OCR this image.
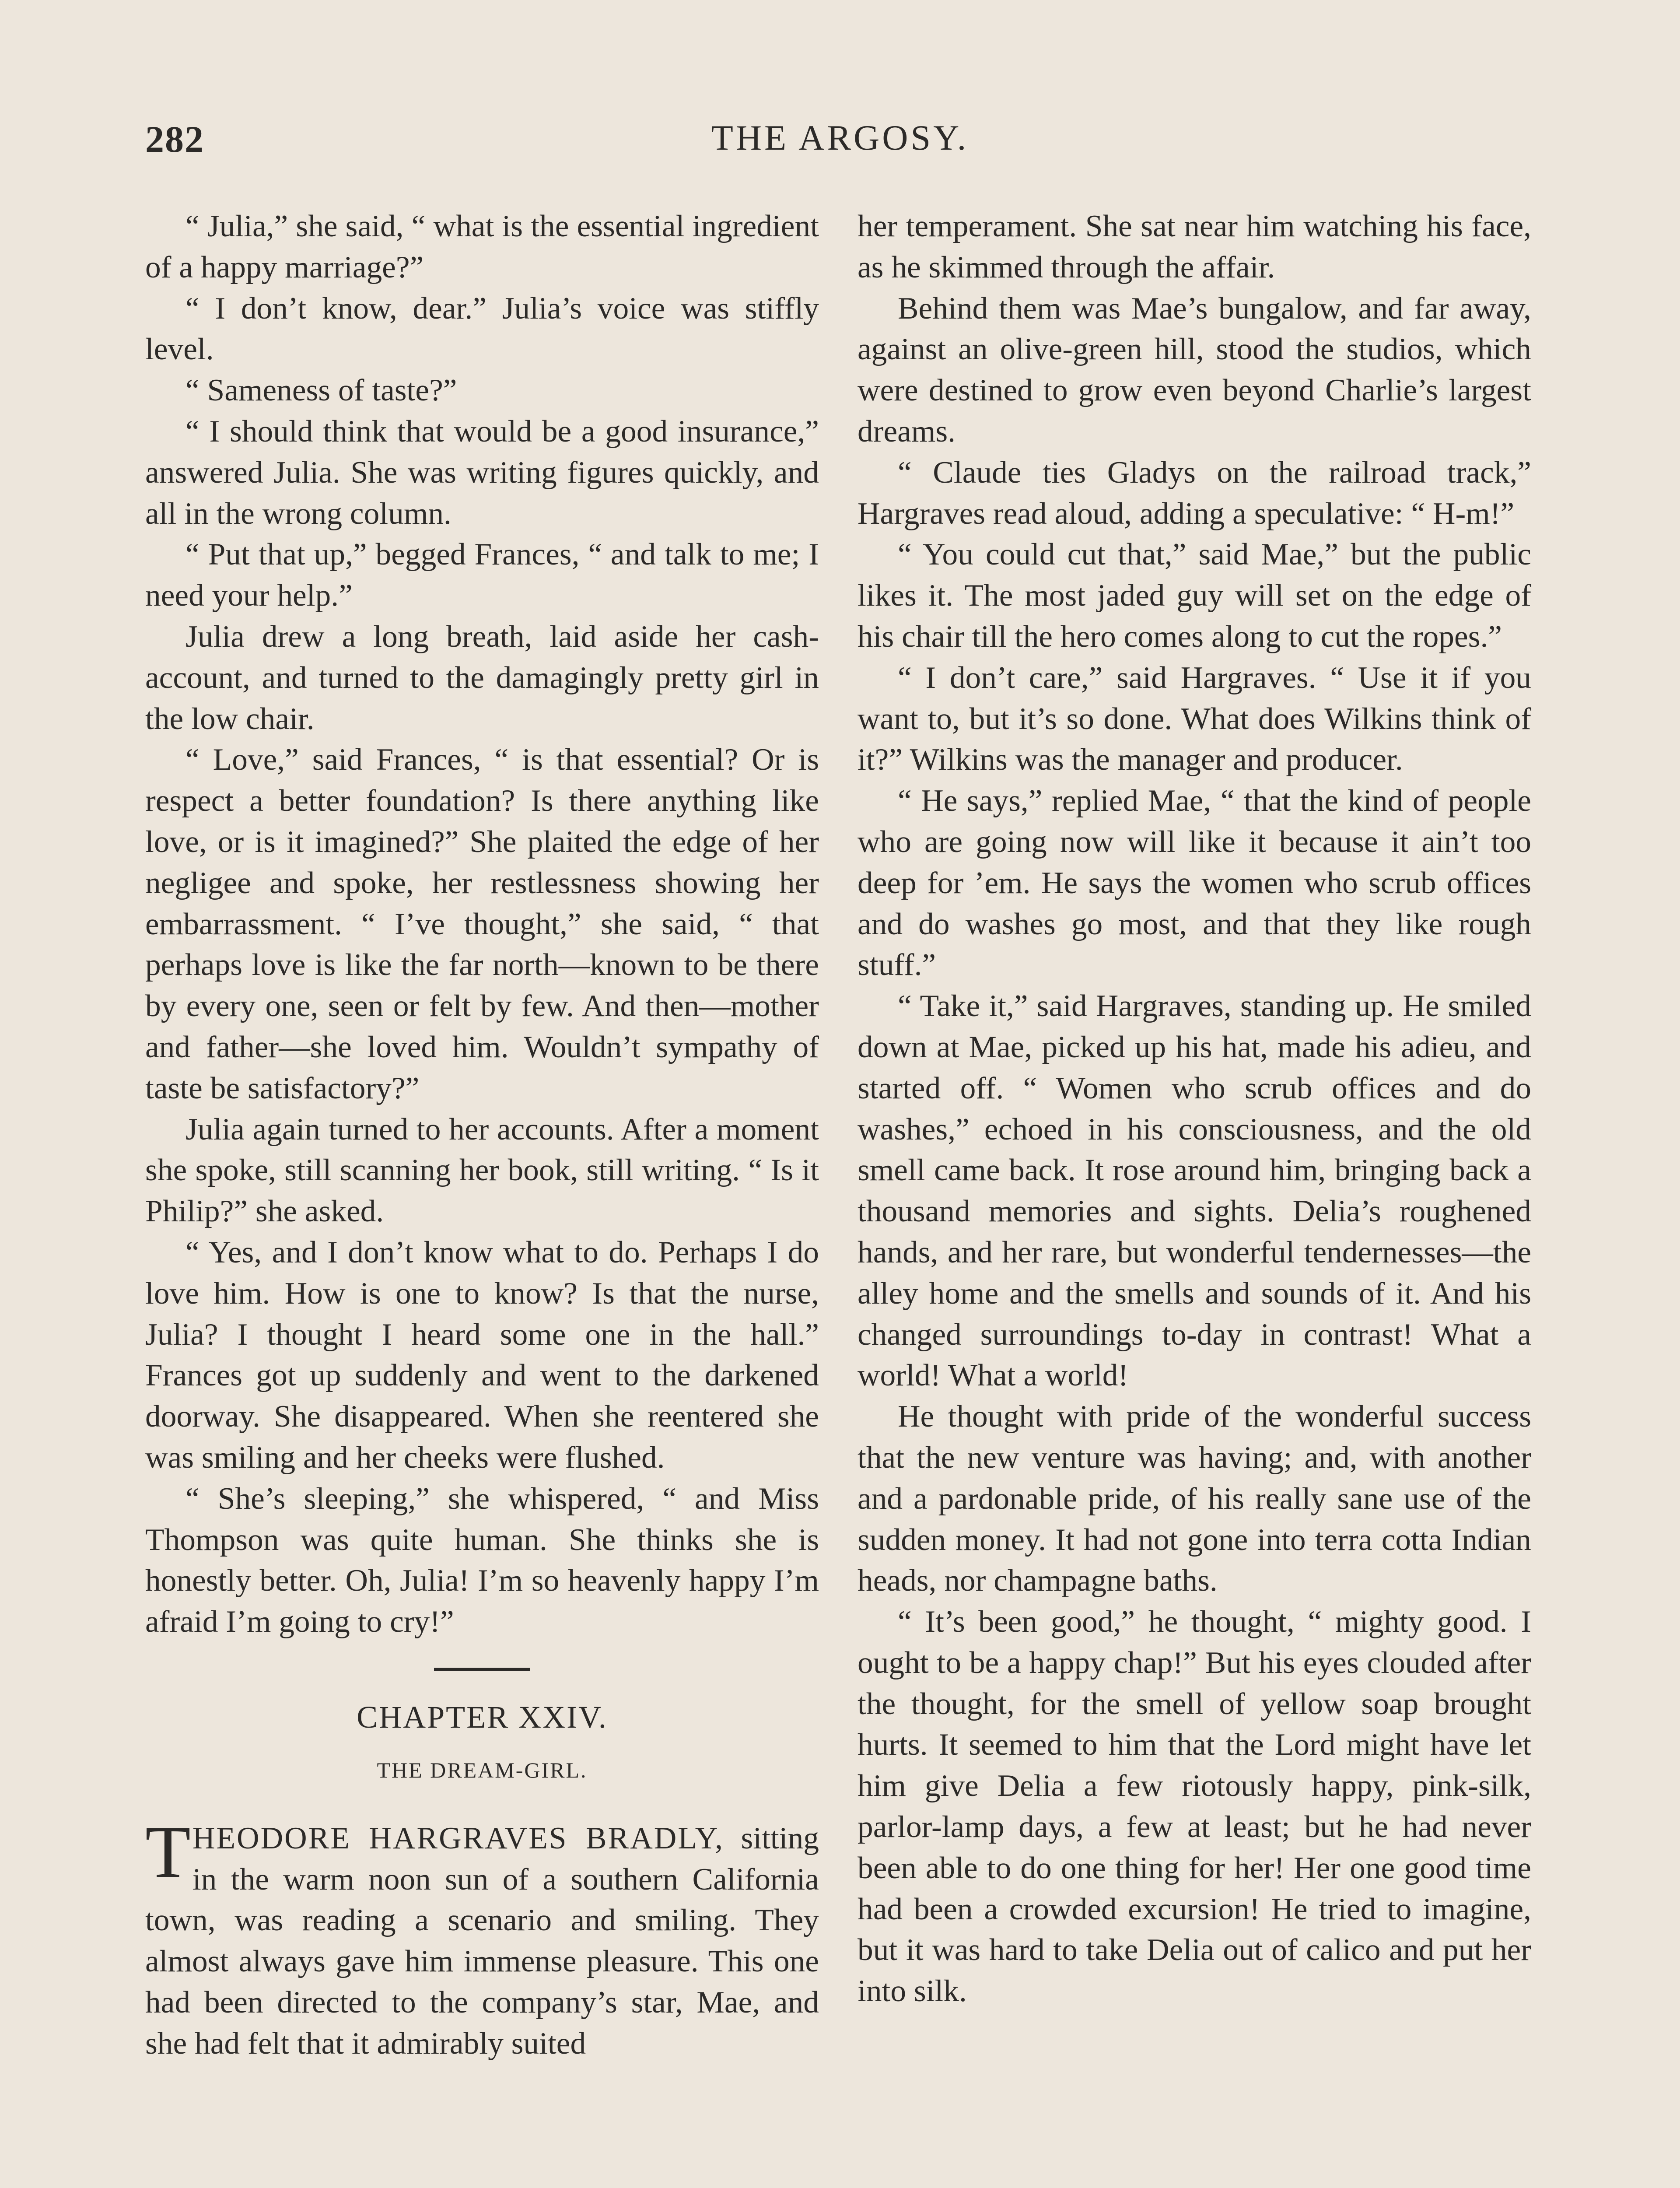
282	THE ARGOSY.

“ Julia,” she said, “ what is the essential ingredient of a happy marriage?”

“ I don’t know, dear.” Julia’s voice was stiffly level.

“ Sameness of taste?”

“ I should think that would be a good insurance,” answered Julia. She was writing figures quickly, and all in the wrong column.

“ Put that up,” begged Frances, “ and talk to me; I need your help.”

Julia drew a long breath, laid aside her cash-account, and turned to the damagingly pretty girl in the low chair.

“ Love,” said Frances, “ is that essential? Or is respect a better foundation? Is there anything like love, or is it imagined?” She plaited the edge of her negligee and spoke, her restlessness showing her embarrassment. “ I’ve thought,” she said, “ that perhaps love is like the far north—known to be there by every one, seen or felt by few. And then—mother and father—she loved him. Wouldn’t sympathy of taste be satisfactory?”

Julia again turned to her accounts. After a moment she spoke, still scanning her book, still writing. “ Is it Philip?” she asked.

“ Yes, and I don’t know what to do. Perhaps I do love him. How is one to know? Is that the nurse, Julia? I thought I heard some one in the hall.” Frances got up suddenly and went to the darkened doorway. She disappeared. When she reentered she was smiling and her cheeks were flushed.

“ She’s sleeping,” she whispered, “ and Miss Thompson was quite human. She thinks she is honestly better. Oh, Julia! I’m so heavenly happy I’m afraid I’m going to cry!”

CHAPTER XXIV.
THE DREAM-GIRL.

THEODORE HARGRAVES BRADLY, sitting in the warm noon sun of a southern California town, was reading a scenario and smiling. They almost always gave him immense pleasure. This one had been directed to the company’s star, Mae, and she had felt that it admirably suited

her temperament. She sat near him watching his face, as he skimmed through the affair.

Behind them was Mae’s bungalow, and far away, against an olive-green hill, stood the studios, which were destined to grow even beyond Charlie’s largest dreams.

“ Claude ties Gladys on the railroad track,” Hargraves read aloud, adding a speculative: “ H-m!”

“ You could cut that,” said Mae,” but the public likes it. The most jaded guy will set on the edge of his chair till the hero comes along to cut the ropes.”

“ I don’t care,” said Hargraves. “ Use it if you want to, but it’s so done. What does Wilkins think of it?” Wilkins was the manager and producer.

“ He says,” replied Mae, “ that the kind of people who are going now will like it because it ain’t too deep for ’em. He says the women who scrub offices and do washes go most, and that they like rough stuff.”

“ Take it,” said Hargraves, standing up. He smiled down at Mae, picked up his hat, made his adieu, and started off. “ Women who scrub offices and do washes,” echoed in his consciousness, and the old smell came back. It rose around him, bringing back a thousand memories and sights. Delia’s roughened hands, and her rare, but wonderful tendernesses—the alley home and the smells and sounds of it. And his changed surroundings to-day in contrast! What a world! What a world!

He thought with pride of the wonderful success that the new venture was having; and, with another and a pardonable pride, of his really sane use of the sudden money. It had not gone into terra cotta Indian heads, nor champagne baths.

“ It’s been good,” he thought, “ mighty good. I ought to be a happy chap!” But his eyes clouded after the thought, for the smell of yellow soap brought hurts. It seemed to him that the Lord might have let him give Delia a few riotously happy, pink-silk, parlor-lamp days, a few at least; but he had never been able to do one thing for her! Her one good time had been a crowded excursion! He tried to imagine, but it was hard to take Delia out of calico and put her into silk.
